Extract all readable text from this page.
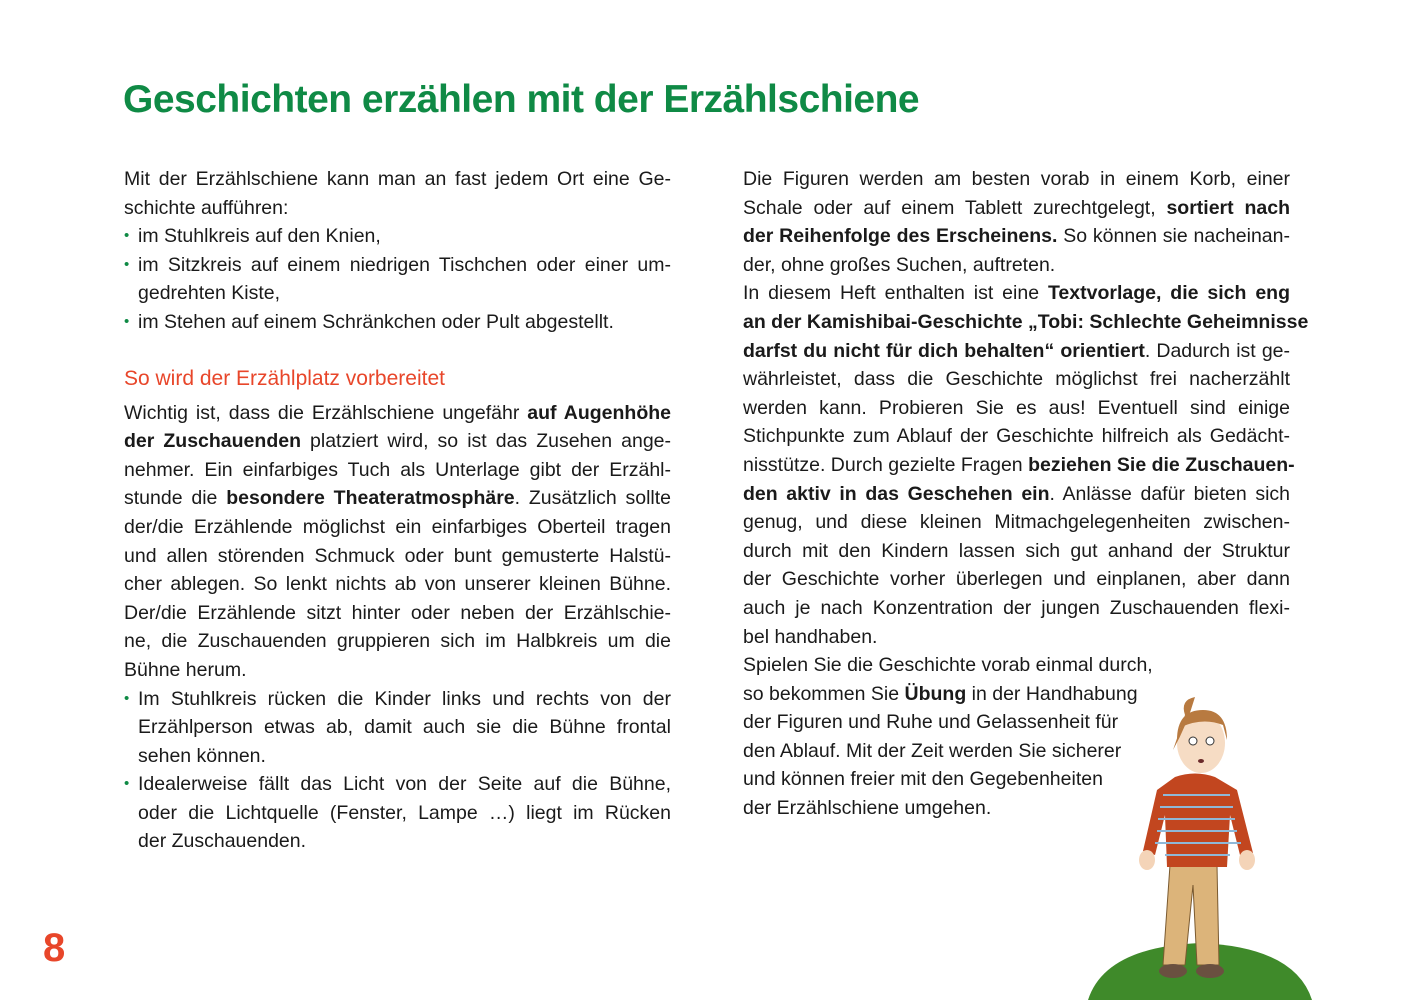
Geschichten erzählen mit der Erzählschiene
Mit der Erzählschiene kann man an fast jedem Ort eine Ge-
schichte aufführen:
• im Stuhlkreis auf den Knien,
• im Sitzkreis auf einem niedrigen Tischchen oder einer um-
gedrehten Kiste,
• im Stehen auf einem Schränkchen oder Pult abgestellt.
So wird der Erzählplatz vorbereitet
Wichtig ist, dass die Erzählschiene ungefähr auf Augenhöhe
der Zuschauenden platziert wird, so ist das Zusehen ange-
nehmer. Ein einfarbiges Tuch als Unterlage gibt der Erzähl-
stunde die besondere Theateratmosphäre. Zusätzlich sollte
der/die Erzählende möglichst ein einfarbiges Oberteil tragen
und allen störenden Schmuck oder bunt gemusterte Halstü-
cher ablegen. So lenkt nichts ab von unserer kleinen Bühne.
Der/die Erzählende sitzt hinter oder neben der Erzählschie-
ne, die Zuschauenden gruppieren sich im Halbkreis um die
Bühne herum.
• Im Stuhlkreis rücken die Kinder links und rechts von der
Erzählperson etwas ab, damit auch sie die Bühne frontal
sehen können.
• Idealerweise fällt das Licht von der Seite auf die Bühne,
oder die Lichtquelle (Fenster, Lampe …) liegt im Rücken
der Zuschauenden.
Die Figuren werden am besten vorab in einem Korb, einer
Schale oder auf einem Tablett zurechtgelegt, sortiert nach
der Reihenfolge des Erscheinens. So können sie nacheinan-
der, ohne großes Suchen, auftreten.
In diesem Heft enthalten ist eine Textvorlage, die sich eng
an der Kamishibai-Geschichte „Tobi: Schlechte Geheimnisse
darfst du nicht für dich behalten“ orientiert. Dadurch ist ge-
währleistet, dass die Geschichte möglichst frei nacherzählt
werden kann. Probieren Sie es aus! Eventuell sind einige
Stichpunkte zum Ablauf der Geschichte hilfreich als Gedächt-
nisstütze. Durch gezielte Fragen beziehen Sie die Zuschauen-
den aktiv in das Geschehen ein. Anlässe dafür bieten sich
genug, und diese kleinen Mitmachgelegenheiten zwischen-
durch mit den Kindern lassen sich gut anhand der Struktur
der Geschichte vorher überlegen und einplanen, aber dann
auch je nach Konzentration der jungen Zuschauenden flexi-
bel handhaben.
Spielen Sie die Geschichte vorab einmal durch,
so bekommen Sie Übung in der Handhabung
der Figuren und Ruhe und Gelassenheit für
den Ablauf. Mit der Zeit werden Sie sicherer
und können freier mit den Gegebenheiten
der Erzählschiene umgehen.
8
